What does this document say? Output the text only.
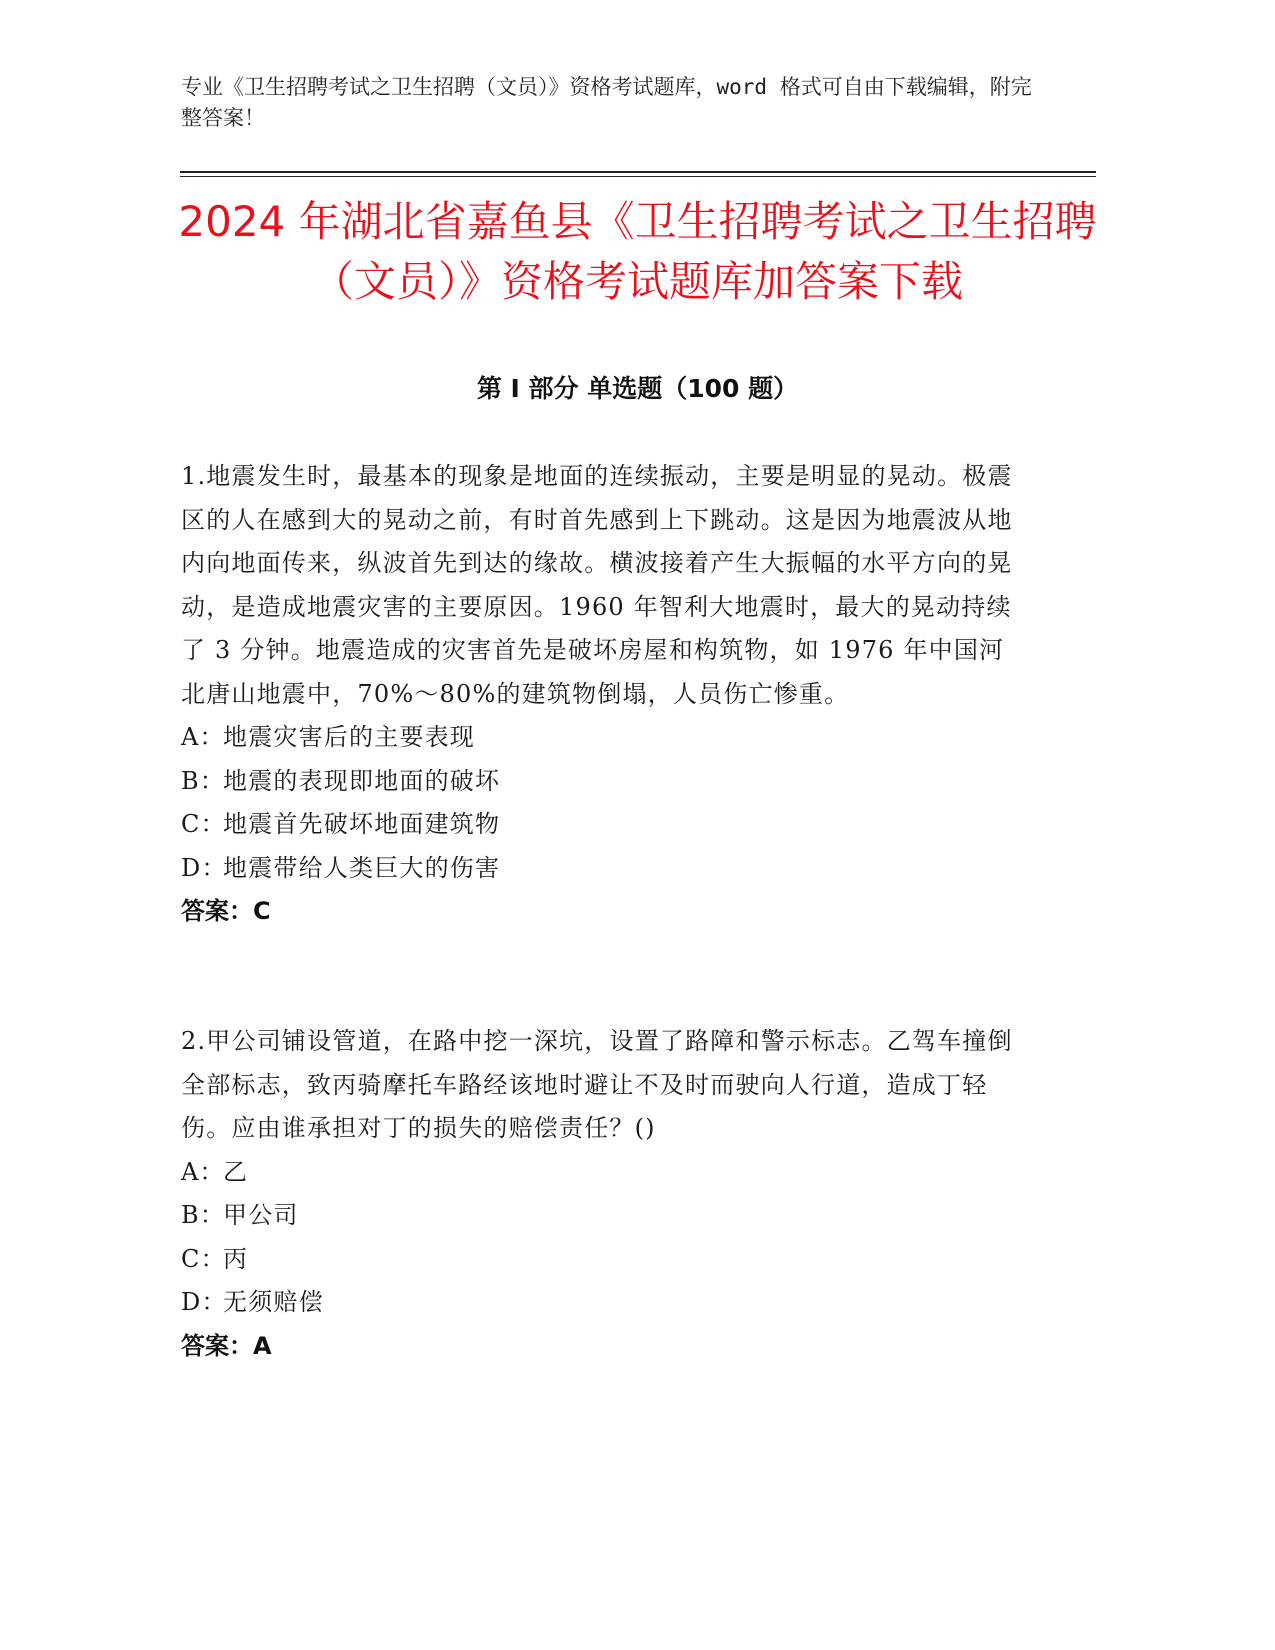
专业《卫生招聘考试之卫生招聘（文员）》资格考试题库，word 格式可自由下载编辑，附完整答案！
2024 年湖北省嘉鱼县《卫生招聘考试之卫生招聘（文员）》资格考试题库加答案下载
第 I 部分 单选题（100 题）
1.地震发生时，最基本的现象是地面的连续振动，主要是明显的晃动。极震区的人在感到大的晃动之前，有时首先感到上下跳动。这是因为地震波从地内向地面传来，纵波首先到达的缘故。横波接着产生大振幅的水平方向的晃动，是造成地震灾害的主要原因。1960 年智利大地震时，最大的晃动持续了 3 分钟。地震造成的灾害首先是破坏房屋和构筑物，如 1976 年中国河北唐山地震中，70%～80%的建筑物倒塌，人员伤亡惨重。
A：地震灾害后的主要表现
B：地震的表现即地面的破坏
C：地震首先破坏地面建筑物
D：地震带给人类巨大的伤害
答案：C
2.甲公司铺设管道，在路中挖一深坑，设置了路障和警示标志。乙驾车撞倒全部标志，致丙骑摩托车路经该地时避让不及时而驶向人行道，造成丁轻伤。应由谁承担对丁的损失的赔偿责任？()
A：乙
B：甲公司
C：丙
D：无须赔偿
答案：A
